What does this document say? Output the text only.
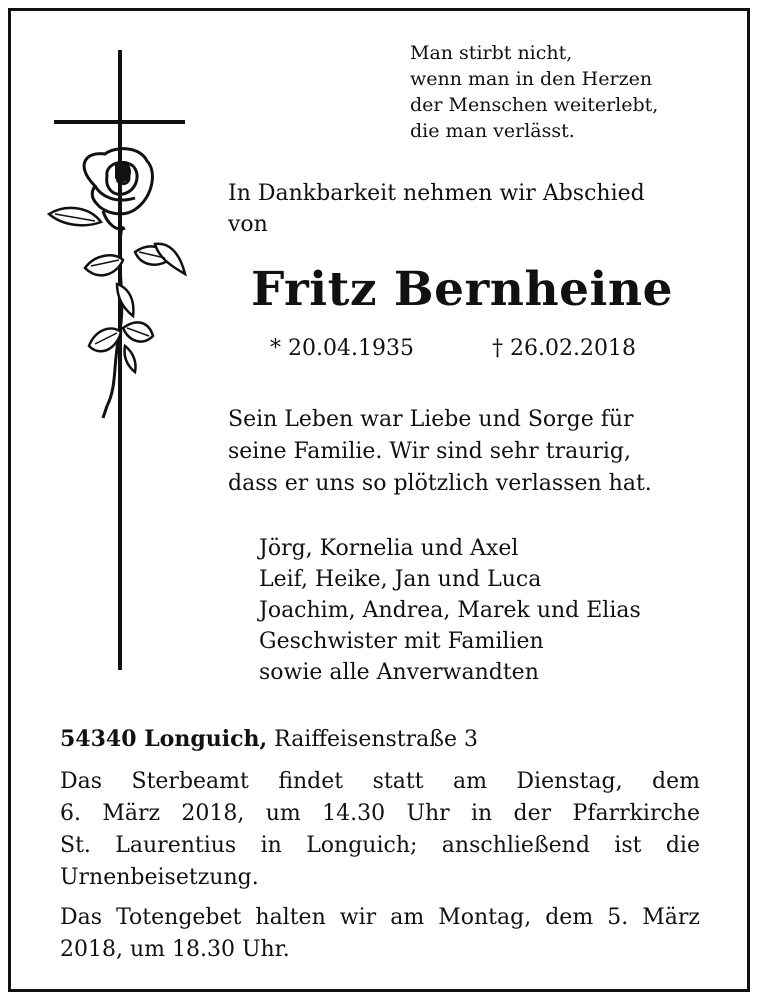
Man stirbt nicht,
wenn man in den Herzen
der Menschen weiterlebt,
die man verlässt.
In Dankbarkeit nehmen wir Abschied
von
Fritz Bernheine
* 20.04.1935	† 26.02.2018
Sein Leben war Liebe und Sorge für
seine Familie. Wir sind sehr traurig,
dass er uns so plötzlich verlassen hat.
Jörg, Kornelia und Axel
Leif, Heike, Jan und Luca
Joachim, Andrea, Marek und Elias
Geschwister mit Familien
sowie alle Anverwandten
54340 Longuich, Raiffeisenstraße 3
Das Sterbeamt findet statt am Dienstag, dem
6. März 2018, um 14.30 Uhr in der Pfarrkirche
St. Laurentius in Longuich; anschließend ist die
Urnenbeisetzung.
Das Totengebet halten wir am Montag, dem 5. März
2018, um 18.30 Uhr.
